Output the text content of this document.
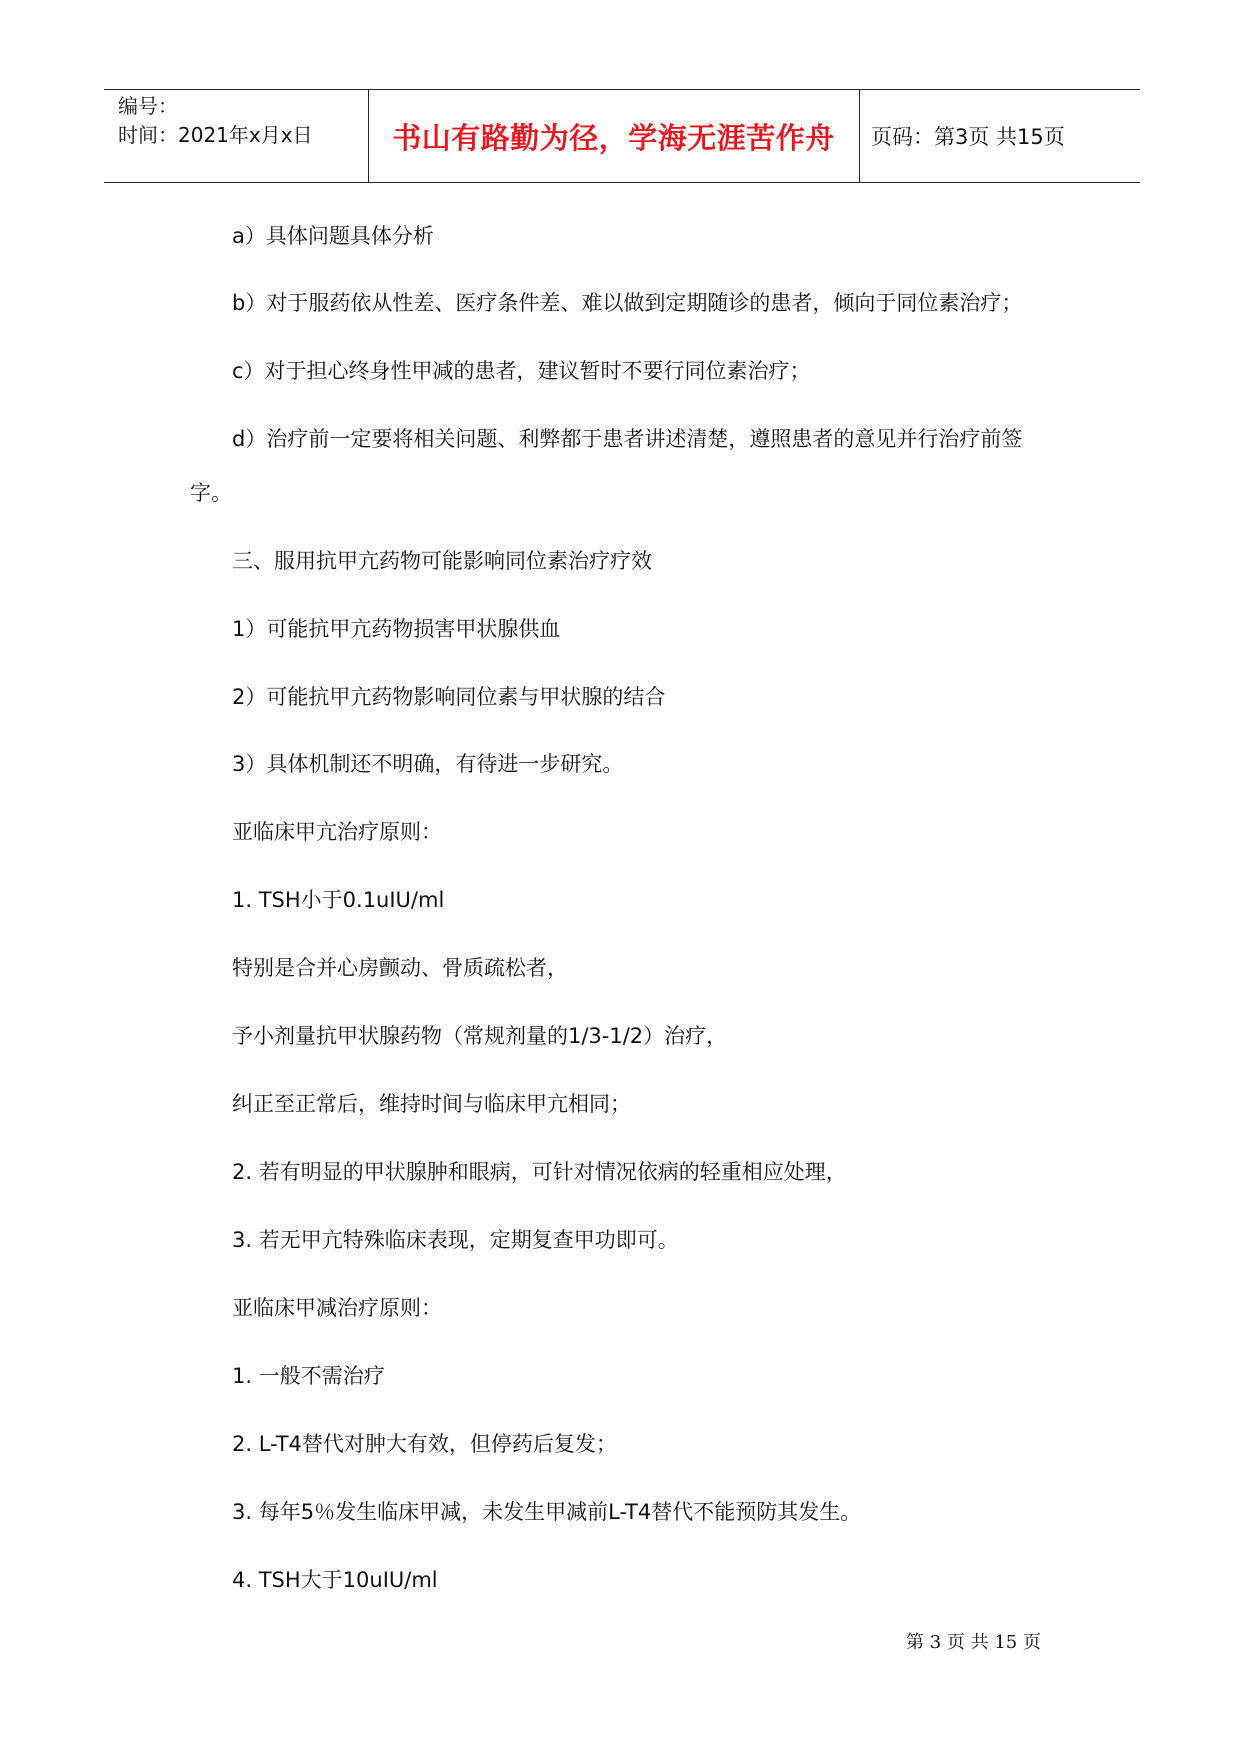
编号：
时间：2021年x月x日	书山有路勤为径，学海无涯苦作舟	页码：第3页 共15页
a）具体问题具体分析
b）对于服药依从性差、医疗条件差、难以做到定期随诊的患者，倾向于同位素治疗；
c）对于担心终身性甲减的患者，建议暂时不要行同位素治疗；
d）治疗前一定要将相关问题、利弊都于患者讲述清楚，遵照患者的意见并行治疗前签
字。
三、服用抗甲亢药物可能影响同位素治疗疗效
1）可能抗甲亢药物损害甲状腺供血
2）可能抗甲亢药物影响同位素与甲状腺的结合
3）具体机制还不明确，有待进一步研究。
亚临床甲亢治疗原则：
1. TSH小于0.1uIU/ml
特别是合并心房颤动、骨质疏松者，
予小剂量抗甲状腺药物（常规剂量的1/3-1/2）治疗，
纠正至正常后，维持时间与临床甲亢相同；
2. 若有明显的甲状腺肿和眼病，可针对情况依病的轻重相应处理，
3. 若无甲亢特殊临床表现，定期复查甲功即可。
亚临床甲减治疗原则：
1. 一般不需治疗
2. L-T4替代对肿大有效，但停药后复发；
3. 每年5％发生临床甲减，未发生甲减前L-T4替代不能预防其发生。
4. TSH大于10uIU/ml
第 3 页 共 15 页
